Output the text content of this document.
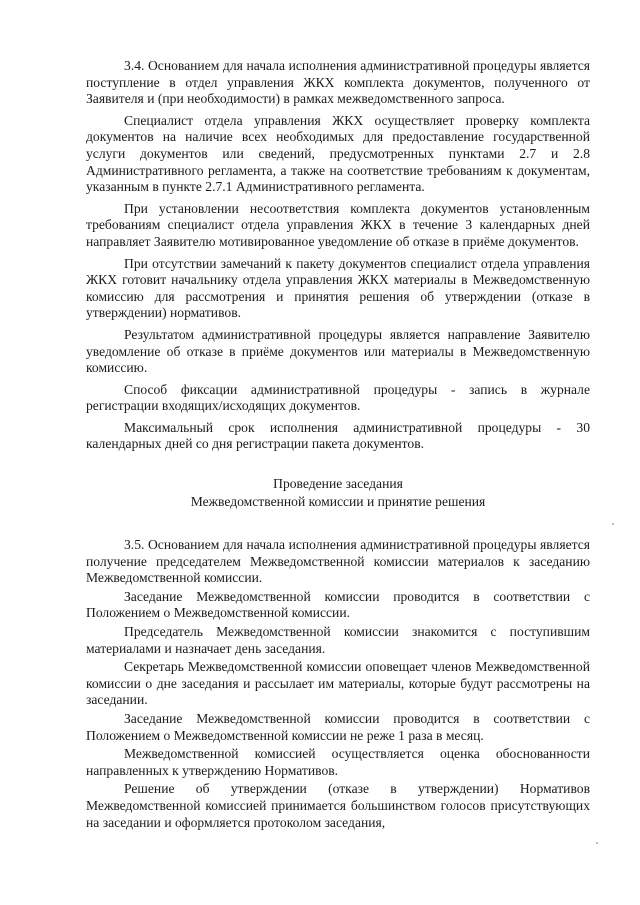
3.4. Основанием для начала исполнения административной процедуры является поступление в отдел управления ЖКХ комплекта документов, полученного от Заявителя и (при необходимости) в рамках межведомственного запроса.

Специалист отдела управления ЖКХ осуществляет проверку комплекта документов на наличие всех необходимых для предоставление государственной услуги документов или сведений, предусмотренных пунктами 2.7 и 2.8 Административного регламента, а также на соответствие требованиям к документам, указанным в пункте 2.7.1 Административного регламента.

При установлении несоответствия комплекта документов установленным требованиям специалист отдела управления ЖКХ в течение 3 календарных дней направляет Заявителю мотивированное уведомление об отказе в приёме документов.

При отсутствии замечаний к пакету документов специалист отдела управления ЖКХ готовит начальнику отдела управления ЖКХ материалы в Межведомственную комиссию для рассмотрения и принятия решения об утверждении (отказе в утверждении) нормативов.

Результатом административной процедуры является направление Заявителю уведомление об отказе в приёме документов или материалы в Межведомственную комиссию.

Способ фиксации административной процедуры - запись в журнале регистрации входящих/исходящих документов.

Максимальный срок исполнения административной процедуры - 30 календарных дней со дня регистрации пакета документов.

Проведение заседания
Межведомственной комиссии и принятие решения

3.5. Основанием для начала исполнения административной процедуры является получение председателем Межведомственной комиссии материалов к заседанию Межведомственной комиссии.

Заседание Межведомственной комиссии проводится в соответствии с Положением о Межведомственной комиссии.

Председатель Межведомственной комиссии знакомится с поступившим материалами и назначает день заседания.

Секретарь Межведомственной комиссии оповещает членов Межведомственной комиссии о дне заседания и рассылает им материалы, которые будут рассмотрены на заседании.

Заседание Межведомственной комиссии проводится в соответствии с Положением о Межведомственной комиссии не реже 1 раза в месяц.

Межведомственной комиссией осуществляется оценка обоснованности направленных к утверждению Нормативов.

Решение об утверждении (отказе в утверждении) Нормативов Межведомственной комиссией принимается большинством голосов присутствующих на заседании и оформляется протоколом заседания,
